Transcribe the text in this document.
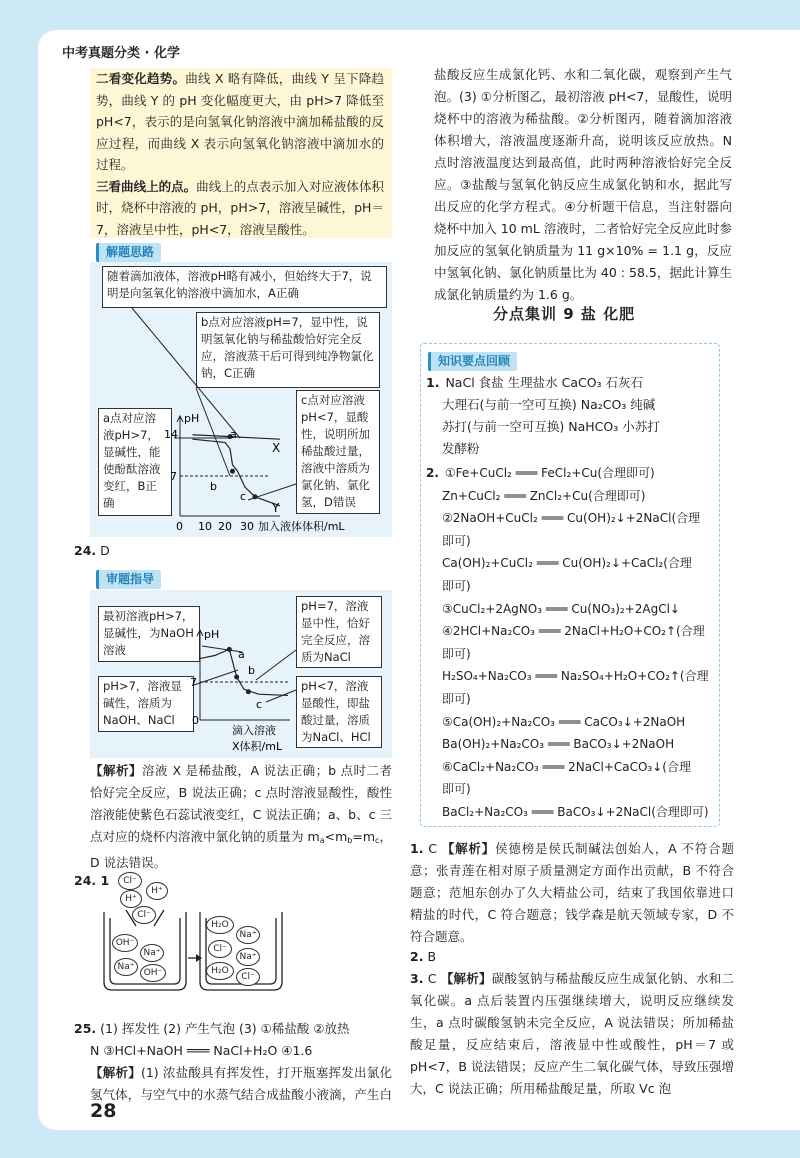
中考真题分类 · 化学

二看变化趋势。曲线 X 略有降低，曲线 Y 呈下降趋势，曲线 Y 的 pH 变化幅度更大，由 pH>7 降低至pH<7，表示的是向氢氧化钠溶液中滴加稀盐酸的反应过程，而曲线 X 表示向氢氧化钠溶液中滴加水的过程。

三看曲线上的点。曲线上的点表示加入对应液体体积时，烧杯中溶液的 pH，pH>7，溶液呈碱性，pH＝7，溶液呈中性，pH<7，溶液呈酸性。

解题思路
随着滴加液体，溶液pH略有减小，但始终大于7，说明是向氢氧化钠溶液中滴加水，A正确
b点对应溶液pH=7，显中性，说明氢氧化钠与稀盐酸恰好完全反应，溶液蒸干后可得到纯净物氯化钠，C正确
a点对应溶液pH>7，显碱性，能使酚酞溶液变红，B正确
c点对应溶液pH<7，显酸性，说明所加稀盐酸过量，溶液中溶质为氯化钠、氯化氢，D错误
pH
14
7
0 10 20 30 加入液体体积/mL
a
b
c
X
Y
24. D
审题指导
最初溶液pH>7，显碱性，为NaOH溶液
pH=7，溶液显中性，恰好完全反应，溶质为NaCl
pH>7，溶液显碱性，溶质为NaOH、NaCl
pH<7，溶液显酸性，即盐酸过量，溶质为NaCl、HCl
pH
7
0
滴入溶液
X体积/mL
a
b
c
【解析】溶液 X 是稀盐酸，A 说法正确；b 点时二者恰好完全反应，B 说法正确；c 点时溶液显酸性，酸性溶液能使紫色石蕊试液变红，C 说法正确；a、b、c 三点对应的烧杯内溶液中氯化钠的质量为 $m_a<m_b=m_c$，D 说法错误。
24. 1	Cl⁻
H⁺
H⁺
Cl⁻
OH⁻
Na⁺
Na⁺
OH⁻
H₂O
Na⁺
Cl⁻
Na⁺
H₂O
Cl⁻
25. (1) 挥发性 (2) 产生气泡 (3) ①稀盐酸 ②放热
N ③HCl+NaOH ═══ NaCl+H₂O ④1.6
【解析】(1) 浓盐酸具有挥发性，打开瓶塞挥发出氯化氢气体，与空气中的水蒸气结合成盐酸小液滴，产生白
28
盐酸反应生成氯化钙、水和二氧化碳，观察到产生气泡。(3) ①分析图乙，最初溶液 pH<7，显酸性，说明烧杯中的溶液为稀盐酸。②分析图丙，随着滴加溶液体积增大，溶液温度逐渐升高，说明该反应放热。N 点时溶液温度达到最高值，此时两种溶液恰好完全反应。③盐酸与氢氧化钠反应生成氯化钠和水，据此写出反应的化学方程式。④分析题干信息，当注射器向烧杯中加入 10 mL 溶液时，二者恰好完全反应此时参加反应的氢氧化钠质量为 11 g×10% = 1.1 g，反应中氢氧化钠、氯化钠质量比为 40 : 58.5，据此计算生成氯化钠质量约为 1.6 g。
分点集训 9 盐 化肥
知识要点回顾
1. NaCl 食盐 生理盐水 CaCO₃ 石灰石
大理石(与前一空可互换) Na₂CO₃ 纯碱
苏打(与前一空可互换) NaHCO₃ 小苏打
发酵粉
2. ①Fe+CuCl₂ ═══ FeCl₂+Cu(合理即可)
Zn+CuCl₂ ═══ ZnCl₂+Cu(合理即可)
②2NaOH+CuCl₂ ═══ Cu(OH)₂↓+2NaCl(合理
即可)
Ca(OH)₂+CuCl₂ ═══ Cu(OH)₂↓+CaCl₂(合理
即可)
③CuCl₂+2AgNO₃ ═══ Cu(NO₃)₂+2AgCl↓
④2HCl+Na₂CO₃ ═══ 2NaCl+H₂O+CO₂↑(合理
即可)
H₂SO₄+Na₂CO₃ ═══ Na₂SO₄+H₂O+CO₂↑(合理
即可)
⑤Ca(OH)₂+Na₂CO₃ ═══ CaCO₃↓+2NaOH
Ba(OH)₂+Na₂CO₃ ═══ BaCO₃↓+2NaOH
⑥CaCl₂+Na₂CO₃ ═══ 2NaCl+CaCO₃↓(合理
即可)
BaCl₂+Na₂CO₃ ═══ BaCO₃↓+2NaCl(合理即可)
1. C 【解析】侯德榜是侯氏制碱法创始人，A 不符合题意；张青莲在相对原子质量测定方面作出贡献，B 不符合题意；范旭东创办了久大精盐公司，结束了我国依靠进口精盐的时代，C 符合题意；钱学森是航天领域专家，D 不符合题意。
2. B
3. C 【解析】碳酸氢钠与稀盐酸反应生成氯化钠、水和二氧化碳。a 点后装置内压强继续增大，说明反应继续发生，a 点时碳酸氢钠未完全反应，A 说法错误；所加稀盐酸足量，反应结束后，溶液显中性或酸性，pH＝7 或 pH<7，B 说法错误；反应产生二氧化碳气体，导致压强增大，C 说法正确；所用稀盐酸足量，所取 Vc 泡
